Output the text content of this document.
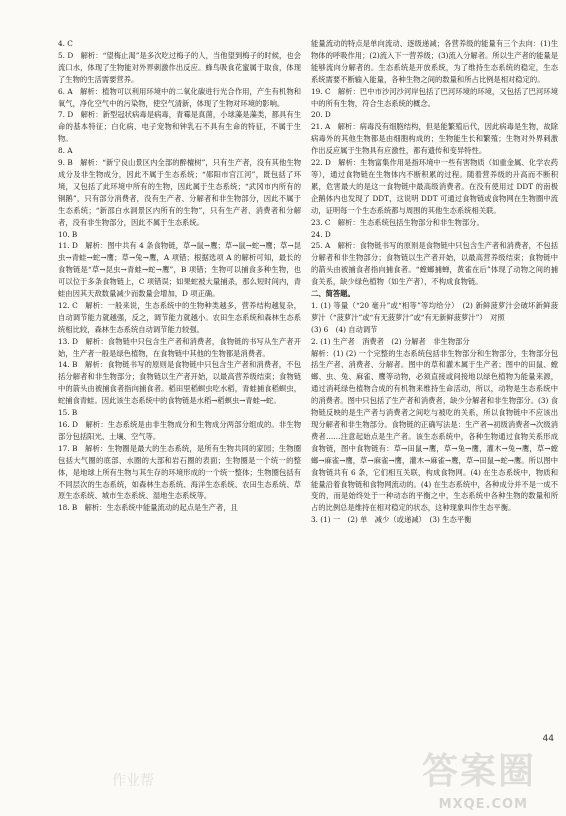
4. C

5. D　解析：“望梅止渴”是多次吃过梅子的人，当他望到梅子的时候，也会流口水，体现了生物能对外界刺激作出反应。蜂鸟吸食花蜜属于取食，体现了生物的生活需要营养。

6. A　解析：植物可以利用环境中的二氧化碳进行光合作用，产生有机物和氧气，净化空气中的污染物，使空气清新，体现了生物对环境的影响。

7. D　解析：新型冠状病毒是病毒，青霉是真菌，小球藻是藻类，都具有生命的基本特征；白化病、电子宠物和钟乳石不具有生命的特征，不属于生物。

8. A

9. B　解析：“新宁良山景区内全部的醉檀树”，只有生产者，没有其他生物成分及非生物成分，因此不属于生态系统；“郧阳市官江河”，既包括了环境，又包括了此环境中所有的生物，因此属于生态系统；“武冈市内所有的铜鹅”，只有部分消费者，没有生产者、分解者和非生物部分，因此不属于生态系统；“新邵白水洞景区内所有的生物”，只有生产者、消费者和分解者，没有非生物部分，因此不属于生态系统。

10. B

11. D　解析：图中共有 4 条食物链，草→鼠→鹰；草→鼠→蛇→鹰；草→昆虫→青蛙→蛇→鹰；草→兔→鹰，A 项错；根据选项 A 的解析可知，最长的食物链是“草→昆虫→青蛙→蛇→鹰”，B 项错；生物可以捕食多种生物，也可以位于多条食物链上，C 项错误；如果蛇被大量捕杀，那么短时间内，青蛙由因其天敌数量减少而数量会增加，D 项正确。

12. C　解析：一般来说，生态系统中的生物种类越多，营养结构越复杂，自动调节能力就越强，反之，调节能力就越小。农田生态系统和森林生态系统相比较，森林生态系统自动调节能力较强。

13. D　解析：食物链中只包含生产者和消费者，食物链的书写从生产者开始，生产者一般是绿色植物，在食物链中其他的生物都是消费者。

14. B　解析：食物链书写的原则是食物链中只包含生产者和消费者，不包括分解者和非生物部分；食物链以生产者开始，以最高营养级结束；食物链中的箭头由被捕食者指向捕食者。稻田里稻螟虫吃水稻，青蛙捕食稻螟虫，蛇捕食青蛙。因此该生态系统中的食物链是水稻→稻螟虫→青蛙→蛇。

15. B

16. D　解析：生态系统是由非生物成分和生物成分两部分组成的。非生物部分包括阳光、土壤、空气等。

17. B　解析：生物圈是最大的生态系统，是所有生物共同的家园；生物圈包括大气圈的底部、水圈的大部和岩石圈的表面；生物圈是一个统一的整体，是地球上所有生物与其生存的环境形成的一个统一整体；生物圈包括有不同层次的生态系统，如森林生态系统、海洋生态系统、农田生态系统、草原生态系统、城市生态系统、湿地生态系统等。

18. B　解析：生态系统中能量流动的起点是生产者，且

能量流动的特点是单向流动、逐级递减；各营养级的能量有三个去向：(1)生物体的呼吸作用；(2)流入下一营养级；(3)流入分解者。所以生产者的能量是能够流向分解者的。生态系统是开放系统，为了维持生态系统的稳定，生态系统需要不断输入能量，各种生物之间的数量和所占比例是相对稳定的。

19. C　解析：巴中市沙河沙河岸包括了巴河环境的环境，又包括了巴河环境中的所有生物，符合生态系统的概念。

20. D

21. A　解析：病毒没有细胞结构，但是能繁殖后代，因此病毒是生物，故除病毒外的其他生物都是由细胞构成的；生物能生长和繁殖；生物对外界刺激作出反应属于生物具有应激性，都有遗传和变异特性。

22. D　解析：生物富集作用是指环境中一些有害物质（如重金属、化学农药等），通过食物链在生物体内不断积累的过程。随着营养级的升高而不断积累，危害最大的是这一食物链中最高级消费者。在没有使用过 DDT 的南极企鹅体内也发现了 DDT，这说明 DDT 可通过食物链或食物网在生物圈中流动，证明每一个生态系统都与周围的其他生态系统相关联。

23. C　解析：生态系统包括生物部分和非生物部分。

24. D

25. A　解析：食物链书写的原则是食物链中只包含生产者和消费者，不包括分解者和非生物部分；食物链以生产者开始，以最高营养级结束；食物链中的箭头由被捕食者指向捕食者。“螳螂捕蝉，黄雀在后”体现了动物之间的捕食关系，缺少绿色植物（如生产者），不构成食物链。

二、简答题。

1. (1) 等量（“20 毫升”或“相等”等均给分）　(2) 新鲜菠萝汁会破坏新鲜菠萝汁（“菠萝汁”或“有无菠萝汁”或“有无新鲜菠萝汁”）　对照

(3) 6　(4) 自动调节

2. (1) 生产者　消费者　(2) 分解者　非生物部分

解析：(1) (2) 一个完整的生态系统包括非生物部分和生物部分，生物部分包括生产者、消费者、分解者。图中的草和灌木属于生产者；图中的田鼠、螳螂、虫、兔、麻雀、鹰等动物，必须直接或间接地以绿色植物为能量来源，通过消耗绿色植物合成的有机物来维持生命活动，所以，动物是生态系统中的消费者。图中只包括了生产者和消费者，缺少分解者和非生物部分。(3) 食物链反映的是生产者与消费者之间吃与被吃的关系，所以食物链中不应该出现分解者和非生物部分。食物链的正确写法是：生产者→初级消费者→次级消费者……注意起始点是生产者。该生态系统中，各种生物通过食物关系形成食物链，图中食物链有：草→田鼠→鹰，草→兔→鹰，灌木→兔→鹰，草→螳螂→麻雀→鹰，草→麻雀→鹰，灌木→麻雀→鹰，草→田鼠→蛇→鹰。所以图中食物链共有 6 条，它们相互关联，构成食物网。(4) 在生态系统中，物质和能量沿着食物链和食物网流动的。(4) 在生态系统中，各种成分并不是一成不变的，而是始终处于一种动态的平衡之中，生态系统中各种生物的数量和所占的比例总是维持在相对稳定的状态，这种现象叫作生态平衡。

3. (1) 一　(2) 单　减少（或递减）　(3) 生态平衡

44
作业帮	答案圈
MXQE.COM
